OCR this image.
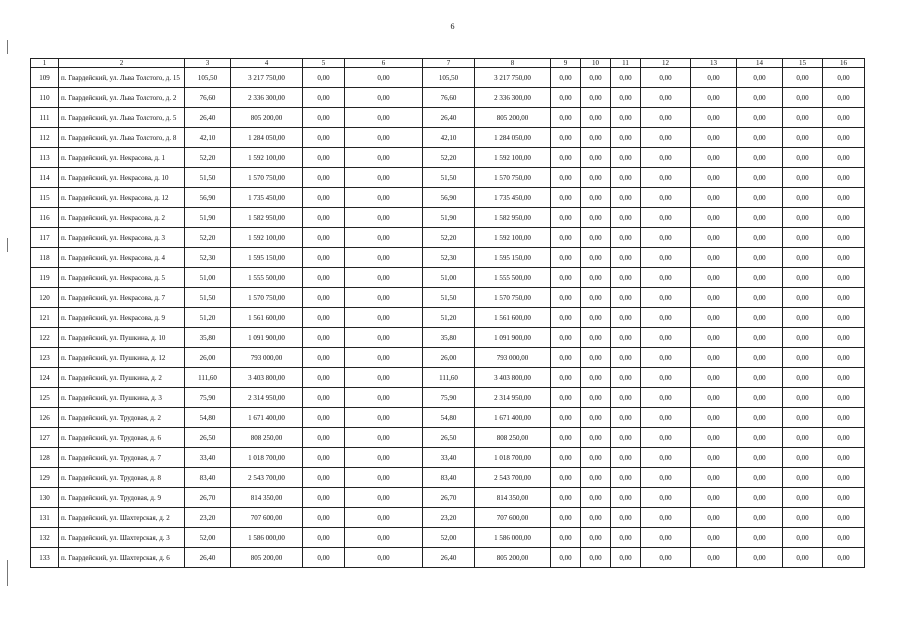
6
1	2	3	4	5	6	7	8	9	10	11	12	13	14	15	16
109	п. Гвардейский, ул. Льва Толстого, д. 15	105,50	3 217 750,00	0,00	0,00	105,50	3 217 750,00	0,00	0,00	0,00	0,00	0,00	0,00	0,00	0,00
110	п. Гвардейский, ул. Льва Толстого, д. 2	76,60	2 336 300,00	0,00	0,00	76,60	2 336 300,00	0,00	0,00	0,00	0,00	0,00	0,00	0,00	0,00
111	п. Гвардейский, ул. Льва Толстого, д. 5	26,40	805 200,00	0,00	0,00	26,40	805 200,00	0,00	0,00	0,00	0,00	0,00	0,00	0,00	0,00
112	п. Гвардейский, ул. Льва Толстого, д. 8	42,10	1 284 050,00	0,00	0,00	42,10	1 284 050,00	0,00	0,00	0,00	0,00	0,00	0,00	0,00	0,00
113	п. Гвардейский, ул. Некрасова, д. 1	52,20	1 592 100,00	0,00	0,00	52,20	1 592 100,00	0,00	0,00	0,00	0,00	0,00	0,00	0,00	0,00
114	п. Гвардейский, ул. Некрасова, д. 10	51,50	1 570 750,00	0,00	0,00	51,50	1 570 750,00	0,00	0,00	0,00	0,00	0,00	0,00	0,00	0,00
115	п. Гвардейский, ул. Некрасова, д. 12	56,90	1 735 450,00	0,00	0,00	56,90	1 735 450,00	0,00	0,00	0,00	0,00	0,00	0,00	0,00	0,00
116	п. Гвардейский, ул. Некрасова, д. 2	51,90	1 582 950,00	0,00	0,00	51,90	1 582 950,00	0,00	0,00	0,00	0,00	0,00	0,00	0,00	0,00
117	п. Гвардейский, ул. Некрасова, д. 3	52,20	1 592 100,00	0,00	0,00	52,20	1 592 100,00	0,00	0,00	0,00	0,00	0,00	0,00	0,00	0,00
118	п. Гвардейский, ул. Некрасова, д. 4	52,30	1 595 150,00	0,00	0,00	52,30	1 595 150,00	0,00	0,00	0,00	0,00	0,00	0,00	0,00	0,00
119	п. Гвардейский, ул. Некрасова, д. 5	51,00	1 555 500,00	0,00	0,00	51,00	1 555 500,00	0,00	0,00	0,00	0,00	0,00	0,00	0,00	0,00
120	п. Гвардейский, ул. Некрасова, д. 7	51,50	1 570 750,00	0,00	0,00	51,50	1 570 750,00	0,00	0,00	0,00	0,00	0,00	0,00	0,00	0,00
121	п. Гвардейский, ул. Некрасова, д. 9	51,20	1 561 600,00	0,00	0,00	51,20	1 561 600,00	0,00	0,00	0,00	0,00	0,00	0,00	0,00	0,00
122	п. Гвардейский, ул. Пушкина, д. 10	35,80	1 091 900,00	0,00	0,00	35,80	1 091 900,00	0,00	0,00	0,00	0,00	0,00	0,00	0,00	0,00
123	п. Гвардейский, ул. Пушкина, д. 12	26,00	793 000,00	0,00	0,00	26,00	793 000,00	0,00	0,00	0,00	0,00	0,00	0,00	0,00	0,00
124	п. Гвардейский, ул. Пушкина, д. 2	111,60	3 403 800,00	0,00	0,00	111,60	3 403 800,00	0,00	0,00	0,00	0,00	0,00	0,00	0,00	0,00
125	п. Гвардейский, ул. Пушкина, д. 3	75,90	2 314 950,00	0,00	0,00	75,90	2 314 950,00	0,00	0,00	0,00	0,00	0,00	0,00	0,00	0,00
126	п. Гвардейский, ул. Трудовая, д. 2	54,80	1 671 400,00	0,00	0,00	54,80	1 671 400,00	0,00	0,00	0,00	0,00	0,00	0,00	0,00	0,00
127	п. Гвардейский, ул. Трудовая, д. 6	26,50	808 250,00	0,00	0,00	26,50	808 250,00	0,00	0,00	0,00	0,00	0,00	0,00	0,00	0,00
128	п. Гвардейский, ул. Трудовая, д. 7	33,40	1 018 700,00	0,00	0,00	33,40	1 018 700,00	0,00	0,00	0,00	0,00	0,00	0,00	0,00	0,00
129	п. Гвардейский, ул. Трудовая, д. 8	83,40	2 543 700,00	0,00	0,00	83,40	2 543 700,00	0,00	0,00	0,00	0,00	0,00	0,00	0,00	0,00
130	п. Гвардейский, ул. Трудовая, д. 9	26,70	814 350,00	0,00	0,00	26,70	814 350,00	0,00	0,00	0,00	0,00	0,00	0,00	0,00	0,00
131	п. Гвардейский, ул. Шахтерская, д. 2	23,20	707 600,00	0,00	0,00	23,20	707 600,00	0,00	0,00	0,00	0,00	0,00	0,00	0,00	0,00
132	п. Гвардейский, ул. Шахтерская, д. 3	52,00	1 586 000,00	0,00	0,00	52,00	1 586 000,00	0,00	0,00	0,00	0,00	0,00	0,00	0,00	0,00
133	п. Гвардейский, ул. Шахтерская, д. 6	26,40	805 200,00	0,00	0,00	26,40	805 200,00	0,00	0,00	0,00	0,00	0,00	0,00	0,00	0,00
